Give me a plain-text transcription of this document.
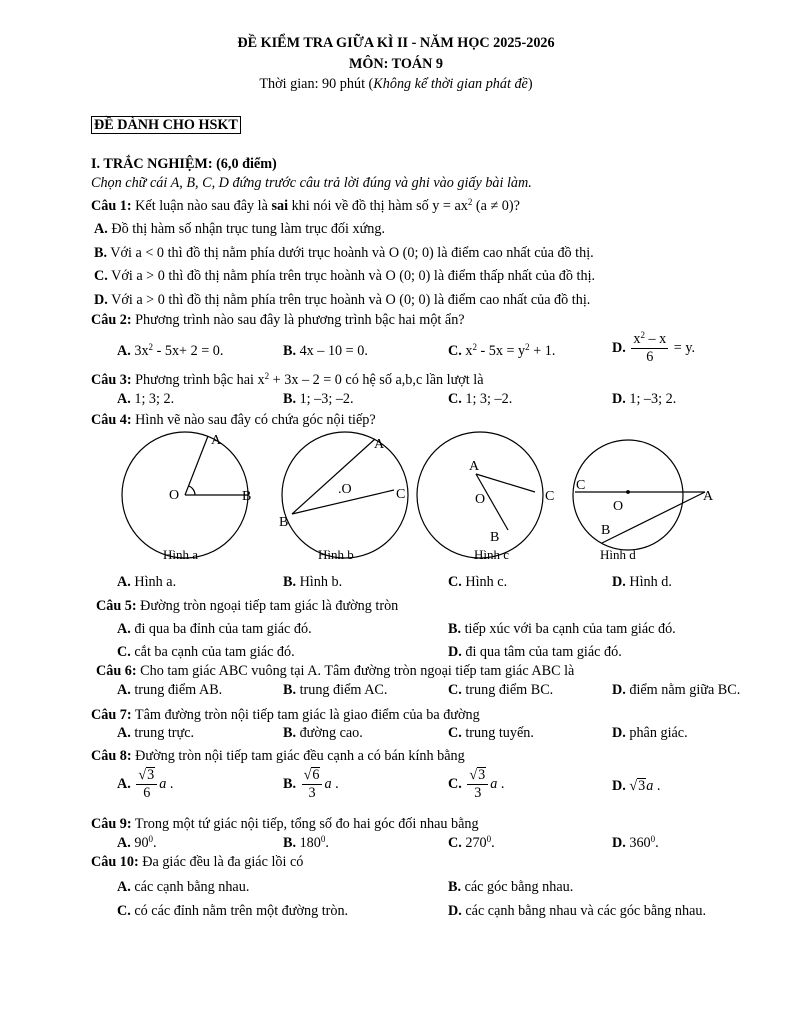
ĐỀ KIỂM TRA GIỮA KÌ II - NĂM HỌC 2025-2026
MÔN: TOÁN 9
Thời gian: 90 phút (Không kể thời gian phát đề)
ĐỀ DÀNH CHO HSKT
I. TRẮC NGHIỆM: (6,0 điểm)
Chọn chữ cái A, B, C, D đứng trước câu trả lời đúng và ghi vào giấy bài làm.
Câu 1: Kết luận nào sau đây là sai khi nói về đồ thị hàm số $y = ax^2$ (a ≠ 0)?
A. Đồ thị hàm số nhận trục tung làm trục đối xứng.
B. Với a < 0 thì đồ thị nằm phía dưới trục hoành và O (0; 0) là điểm cao nhất của đồ thị.
C. Với a > 0 thì đồ thị nằm phía trên trục hoành và O (0; 0) là điểm thấp nhất của đồ thị.
D. Với a > 0 thì đồ thị nằm phía trên trục hoành và O (0; 0) là điểm cao nhất của đồ thị.
Câu 2: Phương trình nào sau đây là phương trình bậc hai một ẩn?
A. $3x^2 - 5x+ 2 = 0$.	B. 4x – 10 = 0.	C. $x^2 - 5x = y^2 + 1$.	D. $\frac{x^2 - x}{6} = y$.
Câu 3: Phương trình bậc hai $x^2 + 3x - 2 = 0$ có hệ số a,b,c lần lượt là
A. 1; 3; 2.	B. 1; –3; –2.	C. 1; 3; –2.	D. 1; –3; 2.
Câu 4: Hình vẽ nào sau đây có chứa góc nội tiếp?
A
O	B
A
.O	C
B
A
O	C
B
C
O
A
B
Hình a	Hình b	Hình c	Hình d
A. Hình a.	B. Hình b.	C. Hình c.	D. Hình d.
Câu 5: Đường tròn ngoại tiếp tam giác là đường tròn
A. đi qua ba đỉnh của tam giác đó.	B. tiếp xúc với ba cạnh của tam giác đó.
C. cắt ba cạnh của tam giác đó.	D. đi qua tâm của tam giác đó.
Câu 6: Cho tam giác ABC vuông tại A. Tâm đường tròn ngoại tiếp tam giác ABC là
A. trung điểm AB.	B. trung điểm AC.	C. trung điểm BC.	D. điểm nằm giữa BC.
Câu 7: Tâm đường tròn nội tiếp tam giác là giao điểm của ba đường
A. trung trực.	B. đường cao.	C. trung tuyến.	D. phân giác.
Câu 8: Đường tròn nội tiếp tam giác đều cạnh a có bán kính bằng
A. $\frac{√3}{6}$ a .	B. $\frac{√6}{3}$ a .	C. $\frac{√3}{3}$ a .	D. √3a .
Câu 9: Trong một tứ giác nội tiếp, tổng số đo hai góc đối nhau bằng
A. $90^0$.	B. $180^0$.	C. $270^0$.	D. $360^0$.
Câu 10: Đa giác đều là đa giác lồi có
A. các cạnh bằng nhau.	B. các góc bằng nhau.
C. có các đỉnh nằm trên một đường tròn.	D. các cạnh bằng nhau và các góc bằng nhau.
